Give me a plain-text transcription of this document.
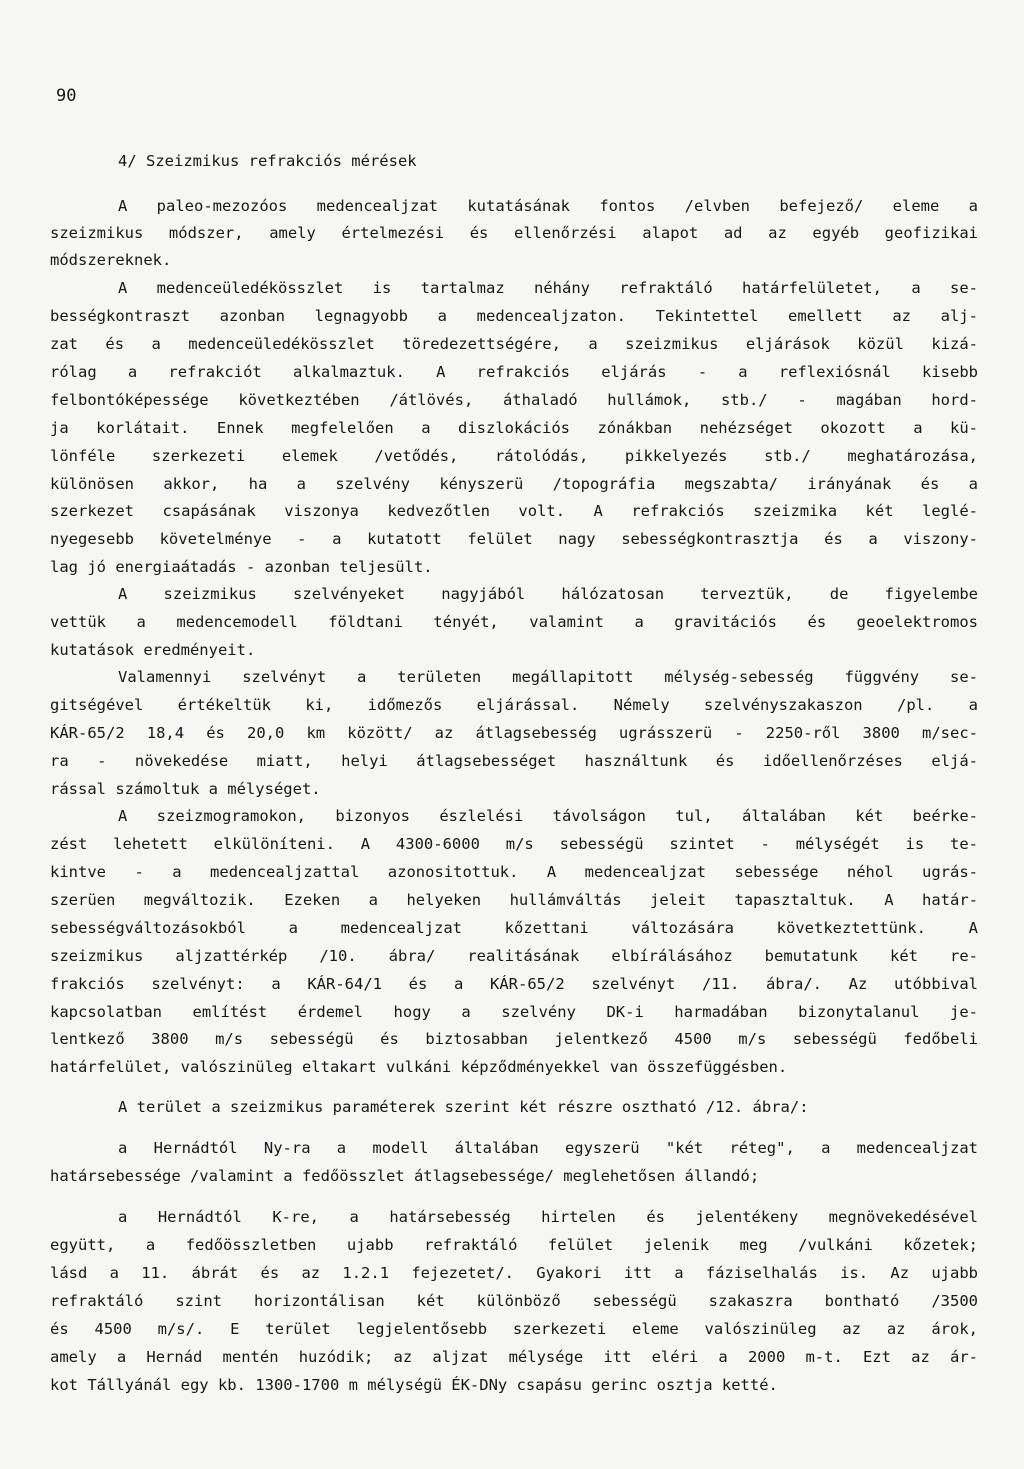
90
4/ Szeizmikus refrakciós mérések
A paleo-mezozóos medencealjzat kutatásának fontos /elvben befejező/ eleme a
szeizmikus módszer, amely értelmezési és ellenőrzési alapot ad az egyéb geofizikai
módszereknek.
A medenceüledékösszlet is tartalmaz néhány refraktáló határfelületet, a se-
bességkontraszt azonban legnagyobb a medencealjzaton. Tekintettel emellett az alj-
zat és a medenceüledékösszlet töredezettségére, a szeizmikus eljárások közül kizá-
rólag a refrakciót alkalmaztuk. A refrakciós eljárás - a reflexiósnál kisebb
felbontóképessége következtében /átlövés, áthaladó hullámok, stb./ - magában hord-
ja korlátait. Ennek megfelelően a diszlokációs zónákban nehézséget okozott a kü-
lönféle szerkezeti elemek /vetődés, rátolódás, pikkelyezés stb./ meghatározása,
különösen akkor, ha a szelvény kényszerü /topográfia megszabta/ irányának és a
szerkezet csapásának viszonya kedvezőtlen volt. A refrakciós szeizmika két leglé-
nyegesebb követelménye - a kutatott felület nagy sebességkontrasztja és a viszony-
lag jó energiaátadás - azonban teljesült.
A szeizmikus szelvényeket nagyjából hálózatosan terveztük, de figyelembe
vettük a medencemodell földtani tényét, valamint a gravitációs és geoelektromos
kutatások eredményeit.
Valamennyi szelvényt a területen megállapitott mélység-sebesség függvény se-
gitségével értékeltük ki, időmezős eljárással. Némely szelvényszakaszon /pl. a
KÁR-65/2 18,4 és 20,0 km között/ az átlagsebesség ugrásszerü - 2250-ről 3800 m/sec-
ra - növekedése miatt, helyi átlagsebességet használtunk és időellenőrzéses eljá-
rással számoltuk a mélységet.
A szeizmogramokon, bizonyos észlelési távolságon tul, általában két beérke-
zést lehetett elkülöníteni. A 4300-6000 m/s sebességü szintet - mélységét is te-
kintve - a medencealjzattal azonositottuk. A medencealjzat sebessége néhol ugrás-
szerüen megváltozik. Ezeken a helyeken hullámváltás jeleit tapasztaltuk. A határ-
sebességváltozásokból a medencealjzat kőzettani változására következtettünk. A
szeizmikus aljzattérkép /10. ábra/ realitásának elbírálásához bemutatunk két re-
frakciós szelvényt: a KÁR-64/1 és a KÁR-65/2 szelvényt /11. ábra/. Az utóbbival
kapcsolatban említést érdemel hogy a szelvény DK-i harmadában bizonytalanul je-
lentkező 3800 m/s sebességü és biztosabban jelentkező 4500 m/s sebességü fedőbeli
határfelület, valószinüleg eltakart vulkáni képződményekkel van összefüggésben.
A terület a szeizmikus paraméterek szerint két részre osztható /12. ábra/:
a Hernádtól Ny-ra a modell általában egyszerü "két réteg", a medencealjzat
határsebessége /valamint a fedőösszlet átlagsebessége/ meglehetősen állandó;
a Hernádtól K-re, a határsebesség hirtelen és jelentékeny megnövekedésével
együtt, a fedőösszletben ujabb refraktáló felület jelenik meg /vulkáni kőzetek;
lásd a 11. ábrát és az 1.2.1 fejezetet/. Gyakori itt a fáziselhalás is. Az ujabb
refraktáló szint horizontálisan két különböző sebességü szakaszra bontható /3500
és 4500 m/s/. E terület legjelentősebb szerkezeti eleme valószinüleg az az árok,
amely a Hernád mentén huzódik; az aljzat mélysége itt eléri a 2000 m-t. Ezt az ár-
kot Tállyánál egy kb. 1300-1700 m mélységü ÉK-DNy csapásu gerinc osztja ketté.
